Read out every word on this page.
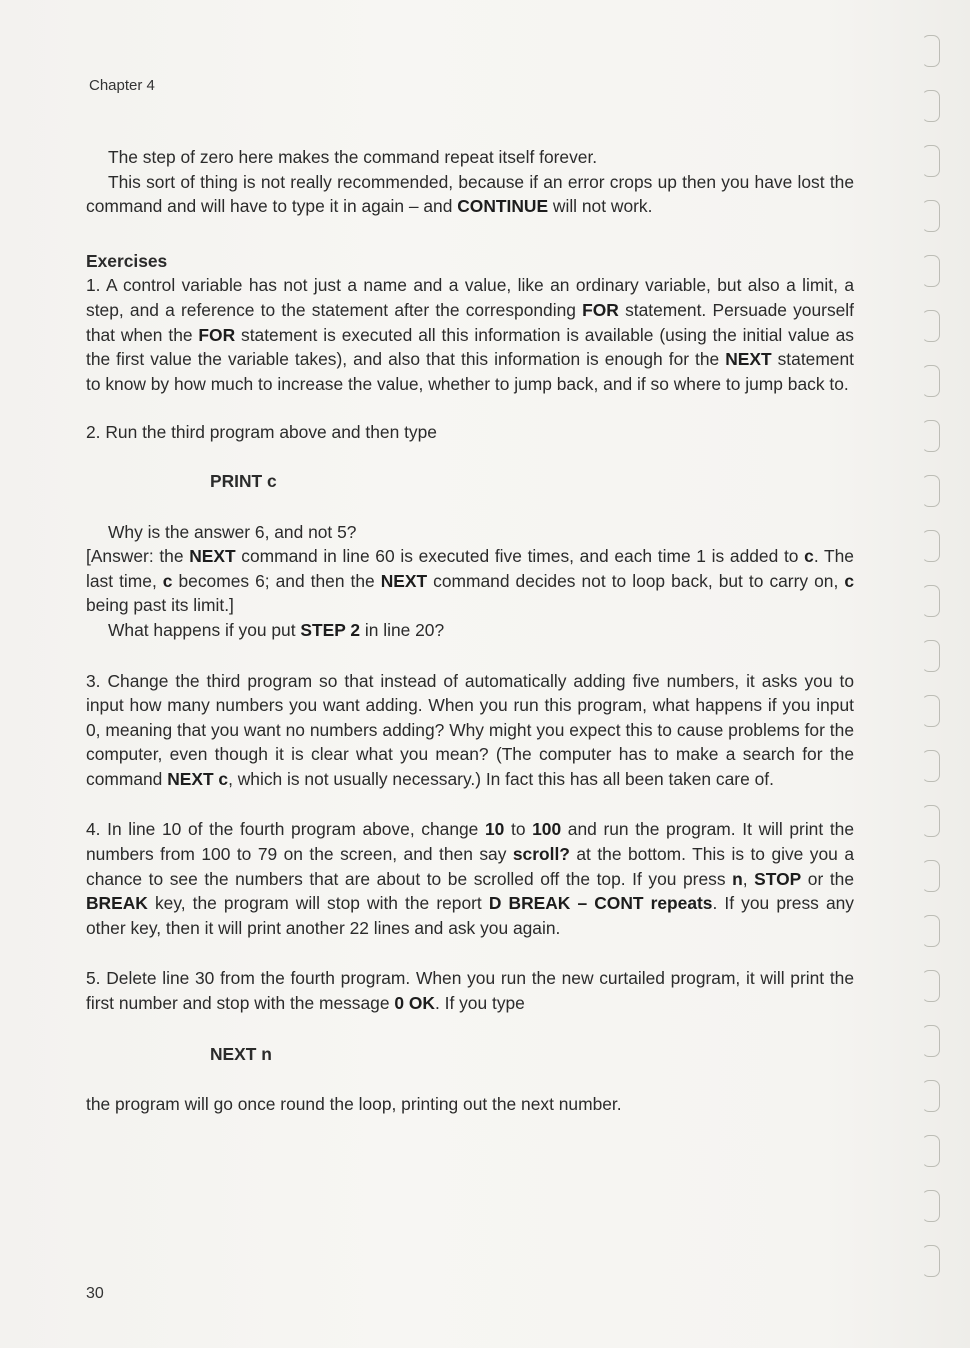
Chapter 4

The step of zero here makes the command repeat itself forever.

This sort of thing is not really recommended, because if an error crops up then you have lost the command and will have to type it in again – and CONTINUE will not work.

Exercises

1. A control variable has not just a name and a value, like an ordinary variable, but also a limit, a step, and a reference to the statement after the corresponding FOR statement. Persuade yourself that when the FOR statement is executed all this information is available (using the initial value as the first value the variable takes), and also that this information is enough for the NEXT statement to know by how much to increase the value, whether to jump back, and if so where to jump back to.

2. Run the third program above and then type

PRINT c

Why is the answer 6, and not 5?

[Answer: the NEXT command in line 60 is executed five times, and each time 1 is added to c. The last time, c becomes 6; and then the NEXT command decides not to loop back, but to carry on, c being past its limit.]

What happens if you put STEP 2 in line 20?

3. Change the third program so that instead of automatically adding five numbers, it asks you to input how many numbers you want adding. When you run this program, what happens if you input 0, meaning that you want no numbers adding? Why might you expect this to cause problems for the computer, even though it is clear what you mean? (The computer has to make a search for the command NEXT c, which is not usually necessary.) In fact this has all been taken care of.

4. In line 10 of the fourth program above, change 10 to 100 and run the program. It will print the numbers from 100 to 79 on the screen, and then say scroll? at the bottom. This is to give you a chance to see the numbers that are about to be scrolled off the top. If you press n, STOP or the BREAK key, the program will stop with the report D BREAK – CONT repeats. If you press any other key, then it will print another 22 lines and ask you again.

5. Delete line 30 from the fourth program. When you run the new curtailed program, it will print the first number and stop with the message 0 OK. If you type

NEXT n

the program will go once round the loop, printing out the next number.

30
